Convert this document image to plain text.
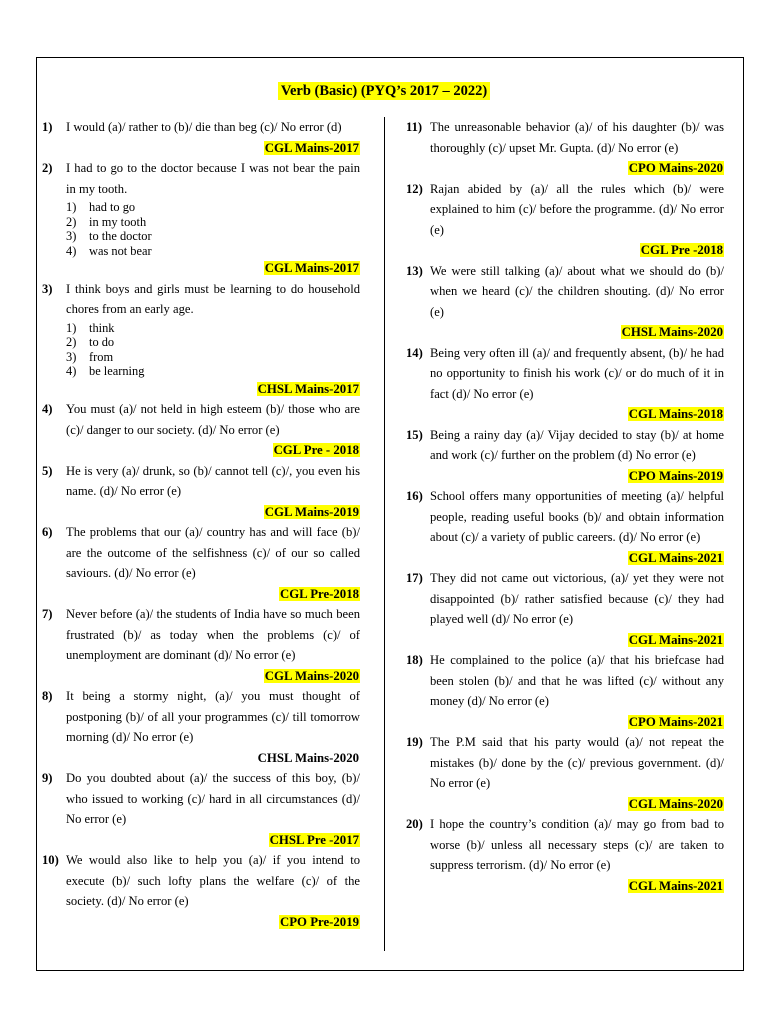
Verb (Basic) (PYQ’s 2017 – 2022)
1) I would (a)/ rather to (b)/ die than beg (c)/ No error (d)
CGL Mains-2017
2) I had to go to the doctor because I was not bear the pain in my tooth.
1) had to go
2) in my tooth
3) to the doctor
4) was not bear
CGL Mains-2017
3) I think boys and girls must be learning to do household chores from an early age.
1) think
2) to do
3) from
4) be learning
CHSL Mains-2017
4) You must (a)/ not held in high esteem (b)/ those who are (c)/ danger to our society. (d)/ No error (e)
CGL Pre - 2018
5) He is very (a)/ drunk, so (b)/ cannot tell (c)/, you even his name. (d)/ No error (e)
CGL Mains-2019
6) The problems that our (a)/ country has and will face (b)/ are the outcome of the selfishness (c)/ of our so called saviours. (d)/ No error (e)
CGL Pre-2018
7) Never before (a)/ the students of India have so much been frustrated (b)/ as today when the problems (c)/ of unemployment are dominant (d)/ No error (e)
CGL Mains-2020
8) It being a stormy night, (a)/ you must thought of postponing (b)/ of all your programmes (c)/ till tomorrow morning (d)/ No error (e)
CHSL Mains-2020
9) Do you doubted about (a)/ the success of this boy, (b)/ who issued to working (c)/ hard in all circumstances (d)/ No error (e)
CHSL Pre -2017
10) We would also like to help you (a)/ if you intend to execute (b)/ such lofty plans the welfare (c)/ of the society. (d)/ No error (e)
CPO Pre-2019
11) The unreasonable behavior (a)/ of his daughter (b)/ was thoroughly (c)/ upset Mr. Gupta. (d)/ No error (e)
CPO Mains-2020
12) Rajan abided by (a)/ all the rules which (b)/ were explained to him (c)/ before the programme. (d)/ No error (e)
CGL Pre -2018
13) We were still talking (a)/ about what we should do (b)/ when we heard (c)/ the children shouting. (d)/ No error (e)
CHSL Mains-2020
14) Being very often ill (a)/ and frequently absent, (b)/ he had no opportunity to finish his work (c)/ or do much of it in fact (d)/ No error (e)
CGL Mains-2018
15) Being a rainy day (a)/ Vijay decided to stay (b)/ at home and work (c)/ further on the problem (d) No error (e)
CPO Mains-2019
16) School offers many opportunities of meeting (a)/ helpful people, reading useful books (b)/ and obtain information about (c)/ a variety of public careers. (d)/ No error (e)
CGL Mains-2021
17) They did not came out victorious, (a)/ yet they were not disappointed (b)/ rather satisfied because (c)/ they had played well (d)/ No error (e)
CGL Mains-2021
18) He complained to the police (a)/ that his briefcase had been stolen (b)/ and that he was lifted (c)/ without any money (d)/ No error (e)
CPO Mains-2021
19) The P.M said that his party would (a)/ not repeat the mistakes (b)/ done by the (c)/ previous government. (d)/ No error (e)
CGL Mains-2020
20) I hope the country’s condition (a)/ may go from bad to worse (b)/ unless all necessary steps (c)/ are taken to suppress terrorism. (d)/ No error (e)
CGL Mains-2021
